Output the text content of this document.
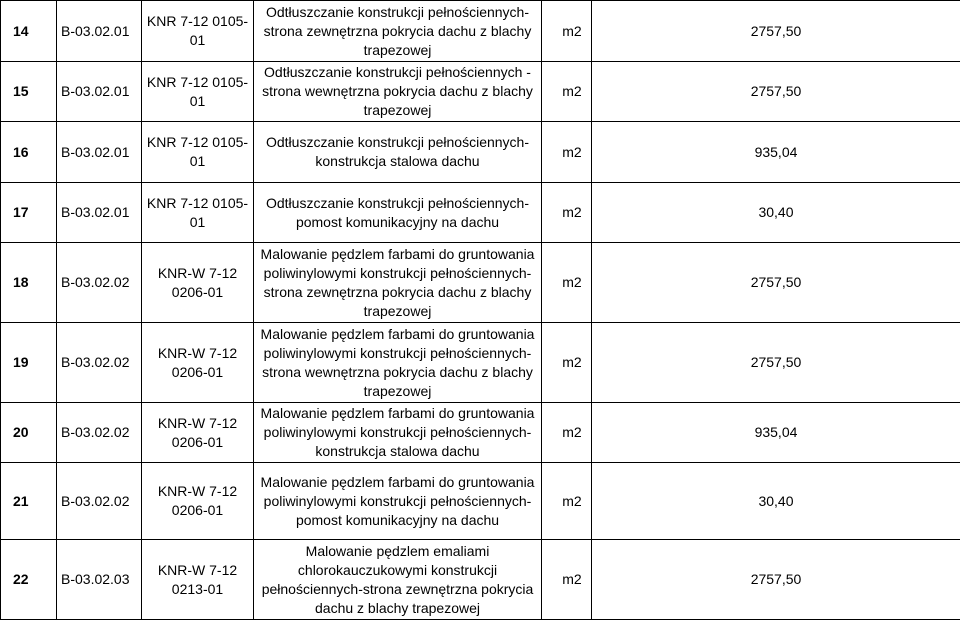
14	B-03.02.01	KNR 7-12 0105-01	Odtłuszczanie konstrukcji pełnościennych-strona zewnętrzna pokrycia dachu z blachy trapezowej	m2	2757,50
15	B-03.02.01	KNR 7-12 0105-01	Odtłuszczanie konstrukcji pełnościennych - strona wewnętrzna pokrycia dachu z blachy trapezowej	m2	2757,50
16	B-03.02.01	KNR 7-12 0105-01	Odtłuszczanie konstrukcji pełnościennych-konstrukcja stalowa dachu	m2	935,04
17	B-03.02.01	KNR 7-12 0105-01	Odtłuszczanie konstrukcji pełnościennych-pomost komunikacyjny na dachu	m2	30,40
18	B-03.02.02	KNR-W 7-12 0206-01	Malowanie pędzlem farbami do gruntowania poliwinylowymi konstrukcji pełnościennych-strona zewnętrzna pokrycia dachu z blachy trapezowej	m2	2757,50
19	B-03.02.02	KNR-W 7-12 0206-01	Malowanie pędzlem farbami do gruntowania poliwinylowymi konstrukcji pełnościennych-strona wewnętrzna pokrycia dachu z blachy trapezowej	m2	2757,50
20	B-03.02.02	KNR-W 7-12 0206-01	Malowanie pędzlem farbami do gruntowania poliwinylowymi konstrukcji pełnościennych-konstrukcja stalowa dachu	m2	935,04
21	B-03.02.02	KNR-W 7-12 0206-01	Malowanie pędzlem farbami do gruntowania poliwinylowymi konstrukcji pełnościennych-pomost komunikacyjny na dachu	m2	30,40
22	B-03.02.03	KNR-W 7-12 0213-01	Malowanie pędzlem emaliami chlorokauczukowymi konstrukcji pełnościennych-strona zewnętrzna pokrycia dachu z blachy trapezowej	m2	2757,50
